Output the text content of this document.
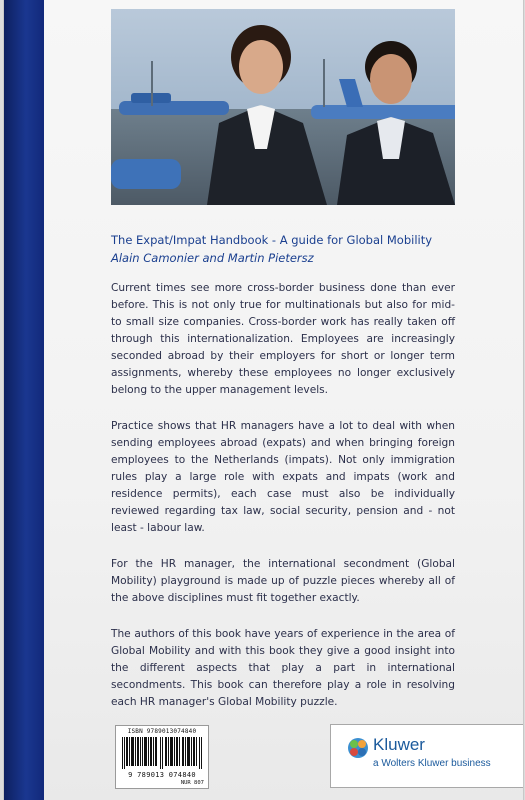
The Expat/Impat Handbook - A guide for Global Mobility
Alain Camonier and Martin Pietersz

Current times see more cross-border business done than ever before. This is not only true for multinationals but also for mid- to small size companies. Cross-border work has really taken off through this internationalization. Employees are increasingly seconded abroad by their employers for short or longer term assignments, whereby these employees no longer exclusively belong to the upper management levels.

Practice shows that HR managers have a lot to deal with when sending employees abroad (expats) and when bringing foreign employees to the Netherlands (impats). Not only immigration rules play a large role with expats and impats (work and residence permits), each case must also be individually reviewed regarding tax law, social security, pension and - not least - labour law.

For the HR manager, the international secondment (Global Mobility) playground is made up of puzzle pieces whereby all of the above disciplines must fit together exactly.

The authors of this book have years of experience in the area of Global Mobility and with this book they give a good insight into the different aspects that play a part in international secondments. This book can therefore play a role in resolving each HR manager's Global Mobility puzzle.

ISBN 9789013074840
9 789013 074840
NUR 807
Kluwer
a Wolters Kluwer business
